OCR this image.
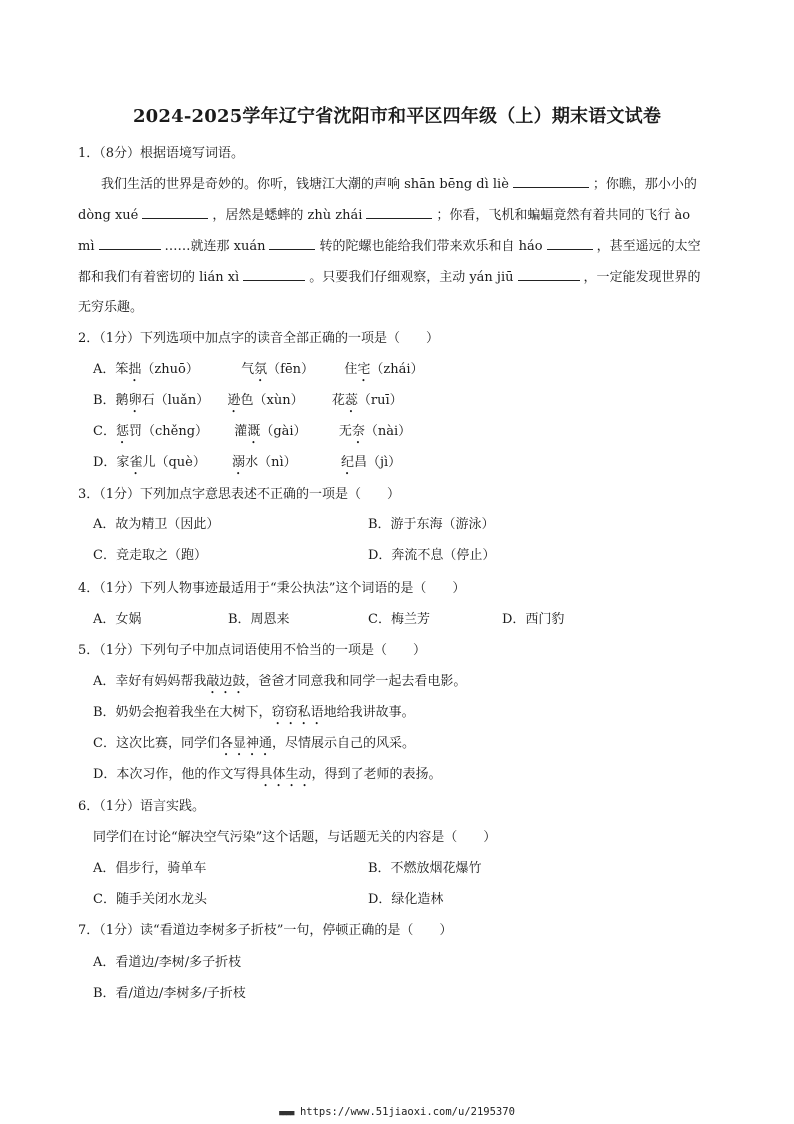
2024-2025学年辽宁省沈阳市和平区四年级（上）期末语文试卷
1．（8分）根据语境写词语。
我们生活的世界是奇妙的。你听，钱塘江大潮的声响 shān bēng dì liè	；你瞧，那小小的
dòng xué	，居然是蟋蟀的 zhù zhái	；你看，飞机和蝙蝠竟然有着共同的飞行 ào
mì	……就连那 xuán	转的陀螺也能给我们带来欢乐和自 háo	，甚至遥远的太空
都和我们有着密切的 lián xì	。只要我们仔细观察，主动 yán jiū	，一定能发现世界的
无穷乐趣。
2．（1分）下列选项中加点字的读音全部正确的一项是（　　）
A．笨拙（zhuō）	气氛（fēn） 住宅（zhái）
B．鹅卵石（luǎn） 逊色（xùn） 花蕊（ruī）
C．惩罚（chěng） 灌溉（gài） 无奈（nài）
D．家雀儿（què） 溺水（nì）	纪昌（jì）
3．（1分）下列加点字意思表述不正确的一项是（　　）
A．故为精卫（因此）	B．游于东海（游泳）
C．竞走取之（跑）	D．奔流不息（停止）
4．（1分）下列人物事迹最适用于“秉公执法”这个词语的是（　　）
A．女娲	B．周恩来	C．梅兰芳	D．西门豹
5．（1分）下列句子中加点词语使用不恰当的一项是（　　）
A．幸好有妈妈帮我敲边鼓，爸爸才同意我和同学一起去看电影。
B．奶奶会抱着我坐在大树下，窃窃私语地给我讲故事。
C．这次比赛，同学们各显神通，尽情展示自己的风采。
D．本次习作，他的作文写得具体生动，得到了老师的表扬。
6．（1分）语言实践。
同学们在讨论“解决空气污染”这个话题，与话题无关的内容是（　　）
A．倡步行，骑单车	B．不燃放烟花爆竹
C．随手关闭水龙头	D．绿化造林
7．（1分）读“看道边李树多子折枝”一句，停顿正确的是（　　）
A．看道边/李树/多子折枝
B．看/道边/李树多/子折枝
■■■■ https://www.51jiaoxi.com/u/2195370
